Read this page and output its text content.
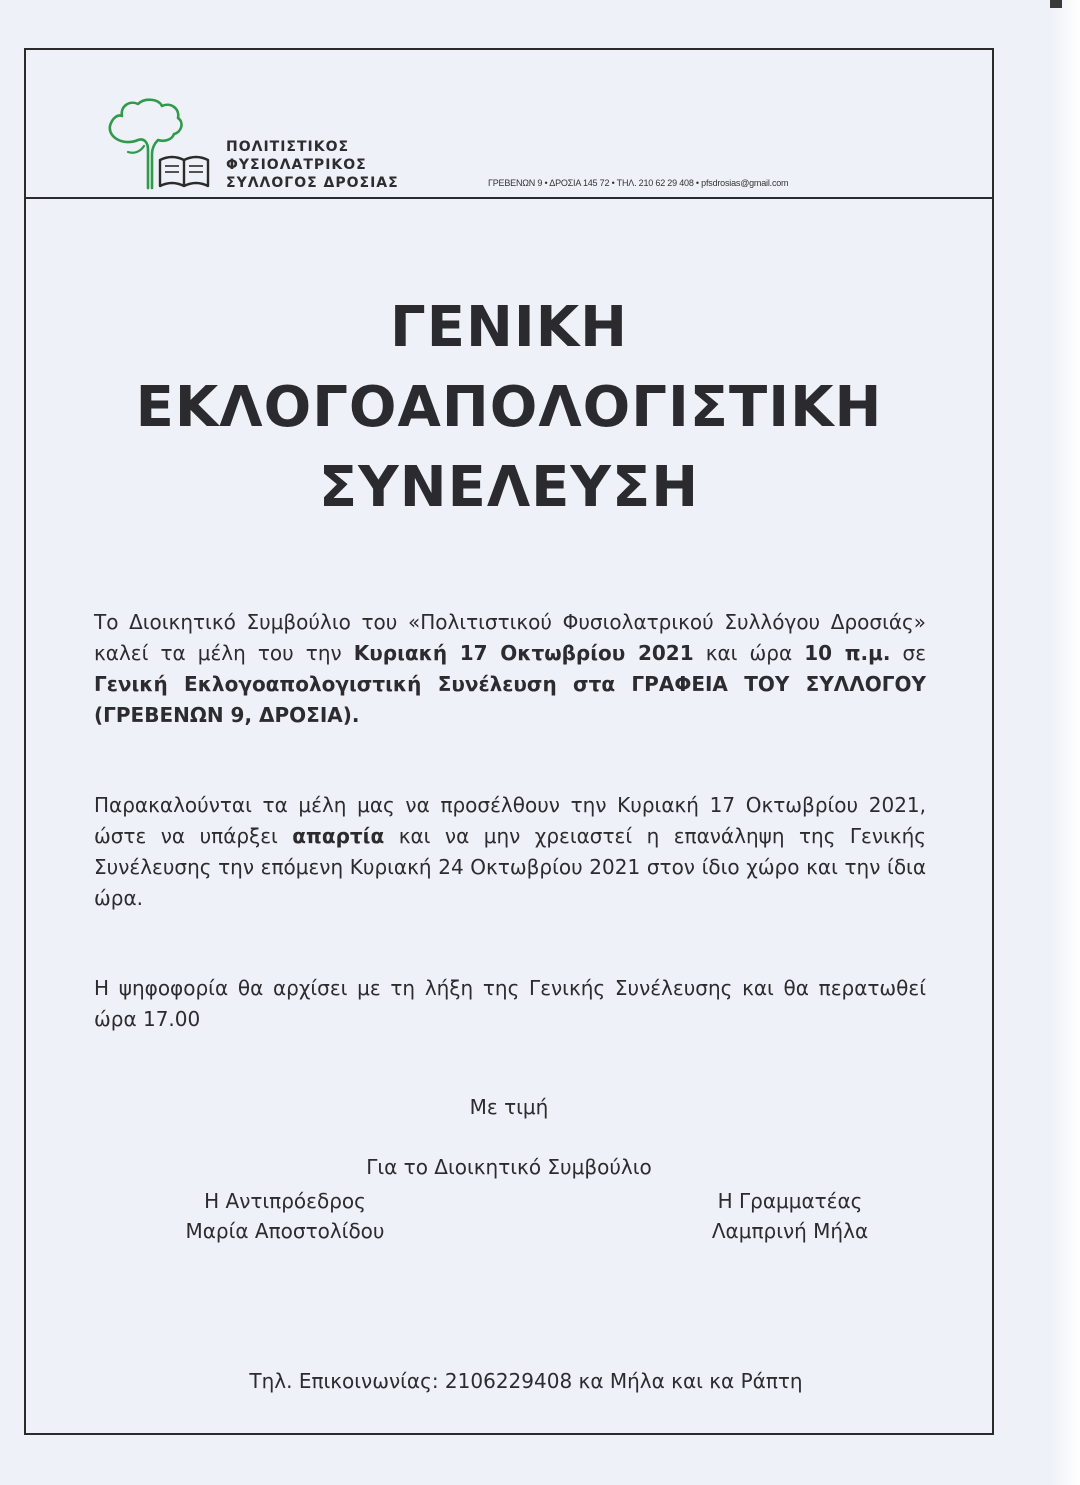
ΠΟΛΙΤΙΣΤΙΚΟΣ
ΦΥΣΙΟΛΑΤΡΙΚΟΣ
ΣΥΛΛΟΓΟΣ ΔΡΟΣΙΑΣ	ΓΡΕΒΕΝΩΝ 9 • ΔΡΟΣΙΑ 145 72 • ΤΗΛ. 210 62 29 408 • pfsdrosias@gmail.com
ΓΕΝΙΚΗ
ΕΚΛΟΓΟΑΠΟΛΟΓΙΣΤΙΚΗ
ΣΥΝΕΛΕΥΣΗ
Το Διοικητικό Συμβούλιο του «Πολιτιστικού Φυσιολατρικού Συλλόγου Δροσιάς» καλεί τα μέλη του την Κυριακή 17 Οκτωβρίου 2021 και ώρα 10 π.μ. σε Γενική Εκλογοαπολογιστική Συνέλευση στα ΓΡΑΦΕΙΑ ΤΟΥ ΣΥΛΛΟΓΟΥ (ΓΡΕΒΕΝΩΝ 9, ΔΡΟΣΙΑ).
Παρακαλούνται τα μέλη μας να προσέλθουν την Κυριακή 17 Οκτωβρίου 2021, ώστε να υπάρξει απαρτία και να μην χρειαστεί η επανάληψη της Γενικής Συνέλευσης την επόμενη Κυριακή 24 Οκτωβρίου 2021 στον ίδιο χώρο και την ίδια ώρα.
Η ψηφοφορία θα αρχίσει με τη λήξη της Γενικής Συνέλευσης και θα περατωθεί ώρα 17.00
Με τιμή
Για το Διοικητικό Συμβούλιο
Η Αντιπρόεδρος
Μαρία Αποστολίδου
Η Γραμματέας
Λαμπρινή Μήλα
Τηλ. Επικοινωνίας: 2106229408 κα Μήλα και κα Ράπτη
